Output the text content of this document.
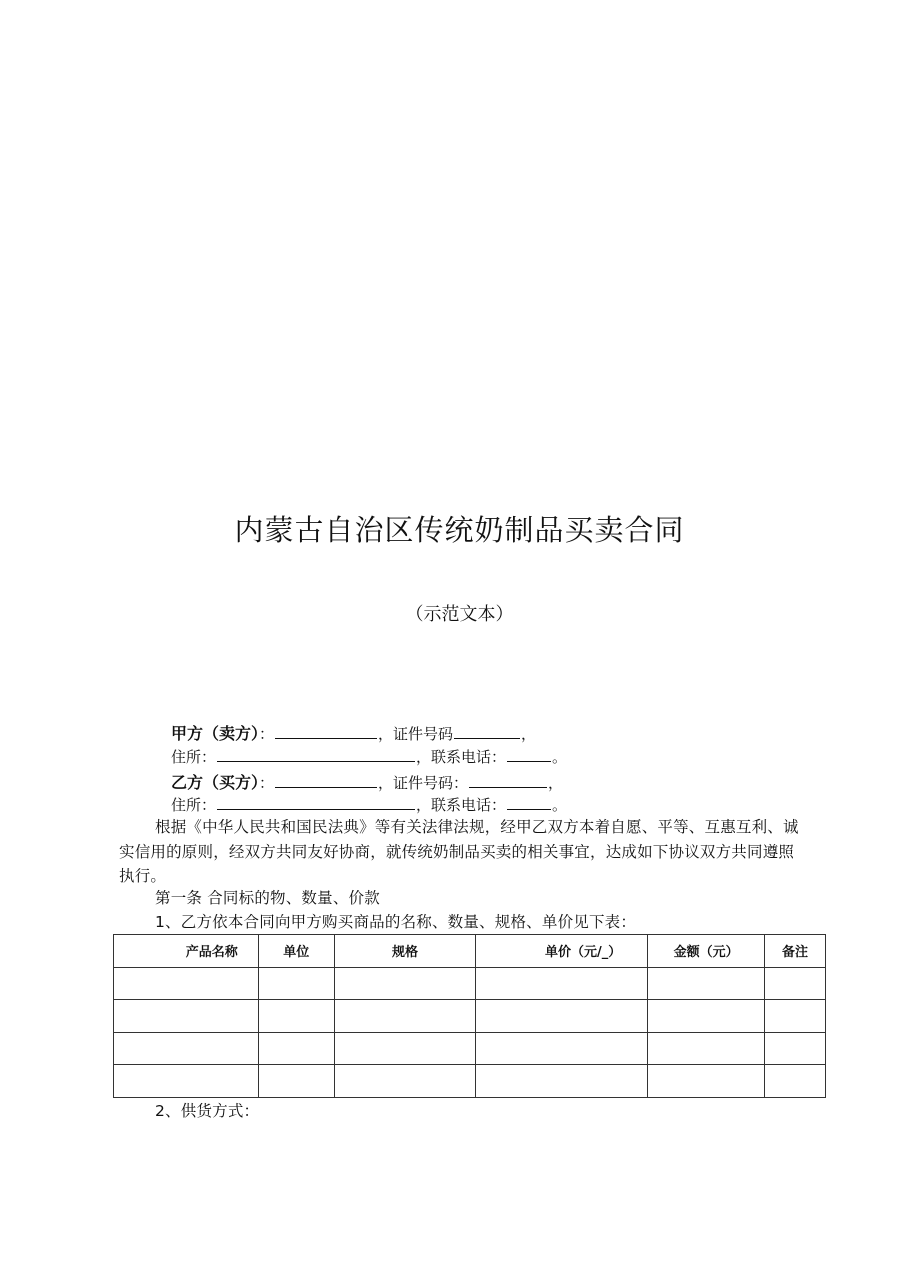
内蒙古自治区传统奶制品买卖合同
（示范文本）
甲方（卖方）：	，证件号码	，
住所：	，联系电话：	。
乙方（买方）：	，证件号码：	，
住所：	，联系电话：	。
根据《中华人民共和国民法典》等有关法律法规，经甲乙双方本着自愿、平等、互惠互利、诚实信用的原则，经双方共同友好协商，就传统奶制品买卖的相关事宜，达成如下协议双方共同遵照执行。
第一条 合同标的物、数量、价款
1、乙方依本合同向甲方购买商品的名称、数量、规格、单价见下表：
产品名称	单位	规格	单价（元/_）	金额（元）	备注

2、供货方式：
